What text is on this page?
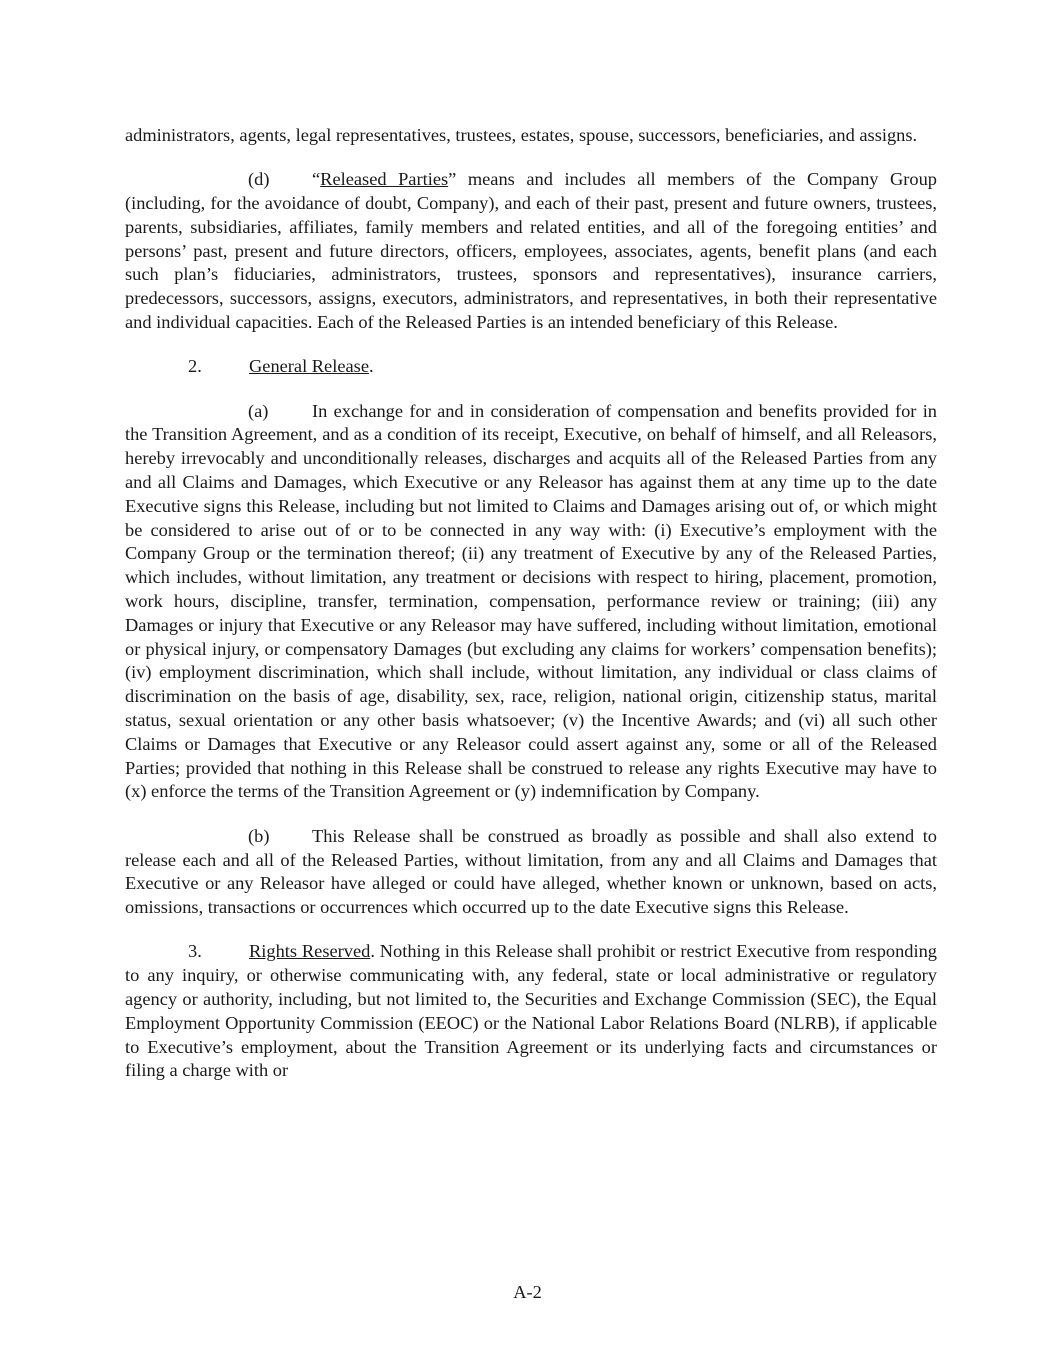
administrators, agents, legal representatives, trustees, estates, spouse, successors, beneficiaries, and assigns.

(d) “Released Parties” means and includes all members of the Company Group (including, for the avoidance of doubt, Company), and each of their past, present and future owners, trustees, parents, subsidiaries, affiliates, family members and related entities, and all of the foregoing entities’ and persons’ past, present and future directors, officers, employees, associates, agents, benefit plans (and each such plan’s fiduciaries, administrators, trustees, sponsors and representatives), insurance carriers, predecessors, successors, assigns, executors, administrators, and representatives, in both their representative and individual capacities. Each of the Released Parties is an intended beneficiary of this Release.

2.	General Release.

(a) In exchange for and in consideration of compensation and benefits provided for in the Transition Agreement, and as a condition of its receipt, Executive, on behalf of himself, and all Releasors, hereby irrevocably and unconditionally releases, discharges and acquits all of the Released Parties from any and all Claims and Damages, which Executive or any Releasor has against them at any time up to the date Executive signs this Release, including but not limited to Claims and Damages arising out of, or which might be considered to arise out of or to be connected in any way with: (i) Executive’s employment with the Company Group or the termination thereof; (ii) any treatment of Executive by any of the Released Parties, which includes, without limitation, any treatment or decisions with respect to hiring, placement, promotion, work hours, discipline, transfer, termination, compensation, performance review or training; (iii) any Damages or injury that Executive or any Releasor may have suffered, including without limitation, emotional or physical injury, or compensatory Damages (but excluding any claims for workers’ compensation benefits); (iv) employment discrimination, which shall include, without limitation, any individual or class claims of discrimination on the basis of age, disability, sex, race, religion, national origin, citizenship status, marital status, sexual orientation or any other basis whatsoever; (v) the Incentive Awards; and (vi) all such other Claims or Damages that Executive or any Releasor could assert against any, some or all of the Released Parties; provided that nothing in this Release shall be construed to release any rights Executive may have to (x) enforce the terms of the Transition Agreement or (y) indemnification by Company.

(b) This Release shall be construed as broadly as possible and shall also extend to release each and all of the Released Parties, without limitation, from any and all Claims and Damages that Executive or any Releasor have alleged or could have alleged, whether known or unknown, based on acts, omissions, transactions or occurrences which occurred up to the date Executive signs this Release.

3.	Rights Reserved. Nothing in this Release shall prohibit or restrict Executive from responding to any inquiry, or otherwise communicating with, any federal, state or local administrative or regulatory agency or authority, including, but not limited to, the Securities and Exchange Commission (SEC), the Equal Employment Opportunity Commission (EEOC) or the National Labor Relations Board (NLRB), if applicable to Executive’s employment, about the Transition Agreement or its underlying facts and circumstances or filing a charge with or

A-2
